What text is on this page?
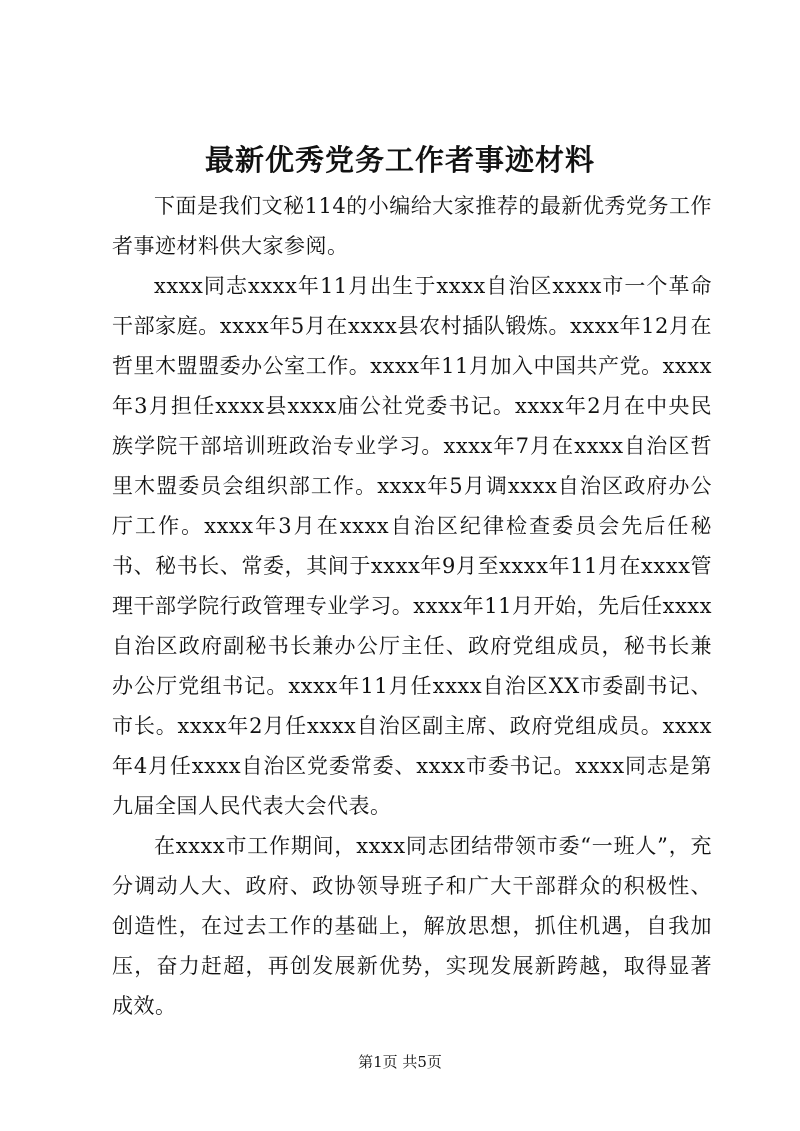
最新优秀党务工作者事迹材料

下面是我们文秘114的小编给大家推荐的最新优秀党务工作者事迹材料供大家参阅。

xxxx同志xxxx年11月出生于xxxx自治区xxxx市一个革命干部家庭。xxxx年5月在xxxx县农村插队锻炼。xxxx年12月在哲里木盟盟委办公室工作。xxxx年11月加入中国共产党。xxxx年3月担任xxxx县xxxx庙公社党委书记。xxxx年2月在中央民族学院干部培训班政治专业学习。xxxx年7月在xxxx自治区哲里木盟委员会组织部工作。xxxx年5月调xxxx自治区政府办公厅工作。xxxx年3月在xxxx自治区纪律检查委员会先后任秘书、秘书长、常委，其间于xxxx年9月至xxxx年11月在xxxx管理干部学院行政管理专业学习。xxxx年11月开始，先后任xxxx自治区政府副秘书长兼办公厅主任、政府党组成员，秘书长兼办公厅党组书记。xxxx年11月任xxxx自治区XX市委副书记、市长。xxxx年2月任xxxx自治区副主席、政府党组成员。xxxx年4月任xxxx自治区党委常委、xxxx市委书记。xxxx同志是第九届全国人民代表大会代表。

在xxxx市工作期间，xxxx同志团结带领市委“一班人”，充分调动人大、政府、政协领导班子和广大干部群众的积极性、创造性，在过去工作的基础上，解放思想，抓住机遇，自我加压，奋力赶超，再创发展新优势，实现发展新跨越，取得显著成效。

第1页 共5页
